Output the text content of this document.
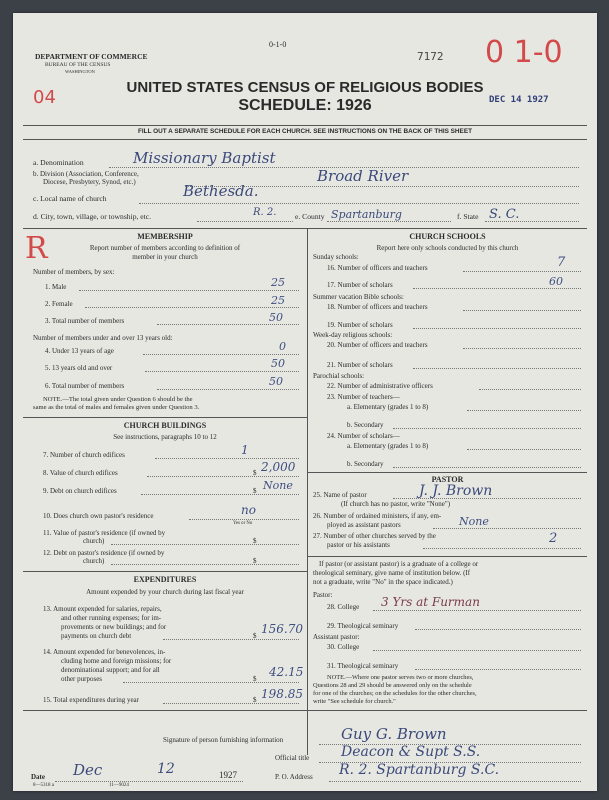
DEPARTMENT OF COMMERCE
BUREAU OF THE CENSUS
WASHINGTON
0-1-0
7172 0 1-0
04	UNITED STATES CENSUS OF RELIGIOUS BODIES
SCHEDULE: 1926	DEC 14 1927
FILL OUT A SEPARATE SCHEDULE FOR EACH CHURCH. SEE INSTRUCTIONS ON THE BACK OF THIS SHEET
a. Denomination	Missionary Baptist
b. Division (Association, Conference,
Diocese, Presbytery, Synod, etc.)	Broad River
c. Local name of church	Bethesda.
d. City, town, village, or township, etc.	R. 2. e. County Spartanburg	f. State S. C.
R	MEMBERSHIP
Report number of members according to definition of
member in your church
Number of members, by sex:
1. Male	25
2. Female	25
3. Total number of members	50
Number of members under and over 13 years old:
4. Under 13 years of age	0
5. 13 years old and over	50
6. Total number of members	50
NOTE.—The total given under Question 6 should be the
same as the total of males and females given under Question 3.
CHURCH BUILDINGS
See instructions, paragraphs 10 to 12
7. Number of church edifices	1
8. Value of church edifices	$ 2,000
9. Debt on church edifices	$ None
10. Does church own pastor's residence	no
Yes or No
11. Value of pastor's residence (if owned by
church)	$
12. Debt on pastor's residence (if owned by
church)	$
EXPENDITURES
Amount expended by your church during last fiscal year
13. Amount expended for salaries, repairs,
and other running expenses; for im-
provements or new buildings; and for
payments on church debt	$ 156.70
14. Amount expended for benevolences, in-
cluding home and foreign missions; for
denominational support; and for all
other purposes	$ 42.15
15. Total expenditures during year	$ 198.85
CHURCH SCHOOLS
Report here only schools conducted by this church
Sunday schools:
16. Number of officers and teachers	7
17. Number of scholars	60
Summer vacation Bible schools:
18. Number of officers and teachers
19. Number of scholars
Week-day religious schools:
20. Number of officers and teachers
21. Number of scholars
Parochial schools:
22. Number of administrative officers
23. Number of teachers—
a. Elementary (grades 1 to 8)
b. Secondary
24. Number of scholars—
a. Elementary (grades 1 to 8)
b. Secondary
PASTOR
25. Name of pastor	J. J. Brown
(If church has no pastor, write "None")
26. Number of ordained ministers, if any, em-
ployed as assistant pastors	None
27. Number of other churches served by the
pastor or his assistants	2
If pastor (or assistant pastor) is a graduate of a college or
theological seminary, give name of institution below. (If
not a graduate, write "No" in the space indicated.)
Pastor:
28. College 3 Yrs at Furman
29. Theological seminary
Assistant pastor:
30. College
31. Theological seminary
NOTE.—Where one pastor serves two or more churches,
Questions 28 and 29 should be answered only on the schedule
for one of the churches; on the schedules for the other churches,
write "See schedule for church."
Signature of person furnishing information	Guy G. Brown
Official title Deacon & Supt S.S.
Date Dec	12	1927	P. O. Address R. 2. Spartanburg S.C.
8—5318 a	11—9024
